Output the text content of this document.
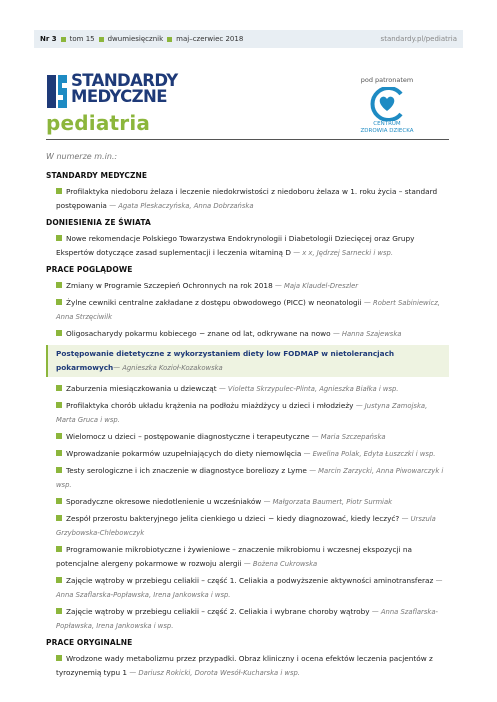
Nr 3 tom 15 dwumiesięcznik maj–czerwiec 2018	standardy.pl/pediatria
STANDARDY
MEDYCZNE
pediatria
pod patronatem
CENTRUM
ZDROWIA DZIECKA
W numerze m.in.:
STANDARDY MEDYCZNE
Profilaktyka niedoboru żelaza i leczenie niedokrwistości z niedoboru żelaza w 1. roku życia – standard postępowania — Agata Pleskaczyńska, Anna Dobrzańska
DONIESIENIA ZE ŚWIATA
Nowe rekomendacje Polskiego Towarzystwa Endokrynologii i Diabetologii Dziecięcej oraz Grupy Ekspertów dotyczące zasad suplementacji i leczenia witaminą D — x x, Jędrzej Sarnecki i wsp.
PRACE POGLĄDOWE
Zmiany w Programie Szczepień Ochronnych na rok 2018 — Maja Klaudel-Dreszler
Żylne cewniki centralne zakładane z dostępu obwodowego (PICC) w neonatologii — Robert Sabiniewicz, Anna Strzęciwilk
Oligosacharydy pokarmu kobiecego − znane od lat, odkrywane na nowo — Hanna Szajewska
Postępowanie dietetyczne z wykorzystaniem diety low FODMAP w nietolerancjach pokarmowych— Agnieszka Kozioł-Kozakowska
Zaburzenia miesiączkowania u dziewcząt — Violetta Skrzypulec-Plinta, Agnieszka Białka i wsp.
Profilaktyka chorób układu krążenia na podłożu miażdżycy u dzieci i młodzieży — Justyna Zamojska, Marta Gruca i wsp.
Wielomocz u dzieci – postępowanie diagnostyczne i terapeutyczne — Maria Szczepańska
Wprowadzanie pokarmów uzupełniających do diety niemowlęcia — Ewelina Polak, Edyta Łuszczki i wsp.
Testy serologiczne i ich znaczenie w diagnostyce boreliozy z Lyme — Marcin Zarzycki, Anna Piwowarczyk i wsp.
Sporadyczne okresowe niedotlenienie u wcześniaków — Małgorzata Baumert, Piotr Surmiak
Zespół przerostu bakteryjnego jelita cienkiego u dzieci − kiedy diagnozować, kiedy leczyć? — Urszula Grzybowska-Chlebowczyk
Programowanie mikrobiotyczne i żywieniowe – znaczenie mikrobiomu i wczesnej ekspozycji na potencjalne alergeny pokarmowe w rozwoju alergii — Bożena Cukrowska
Zajęcie wątroby w przebiegu celiakii – część 1. Celiakia a podwyższenie aktywności aminotransferaz — Anna Szaflarska-Popławska, Irena Jankowska i wsp.
Zajęcie wątroby w przebiegu celiakii – część 2. Celiakia i wybrane choroby wątroby — Anna Szaflarska-Popławska, Irena Jankowska i wsp.
PRACE ORYGINALNE
Wrodzone wady metabolizmu przez przypadki. Obraz kliniczny i ocena efektów leczenia pacjentów z tyrozynemią typu 1 — Dariusz Rokicki, Dorota Wesół-Kucharska i wsp.
